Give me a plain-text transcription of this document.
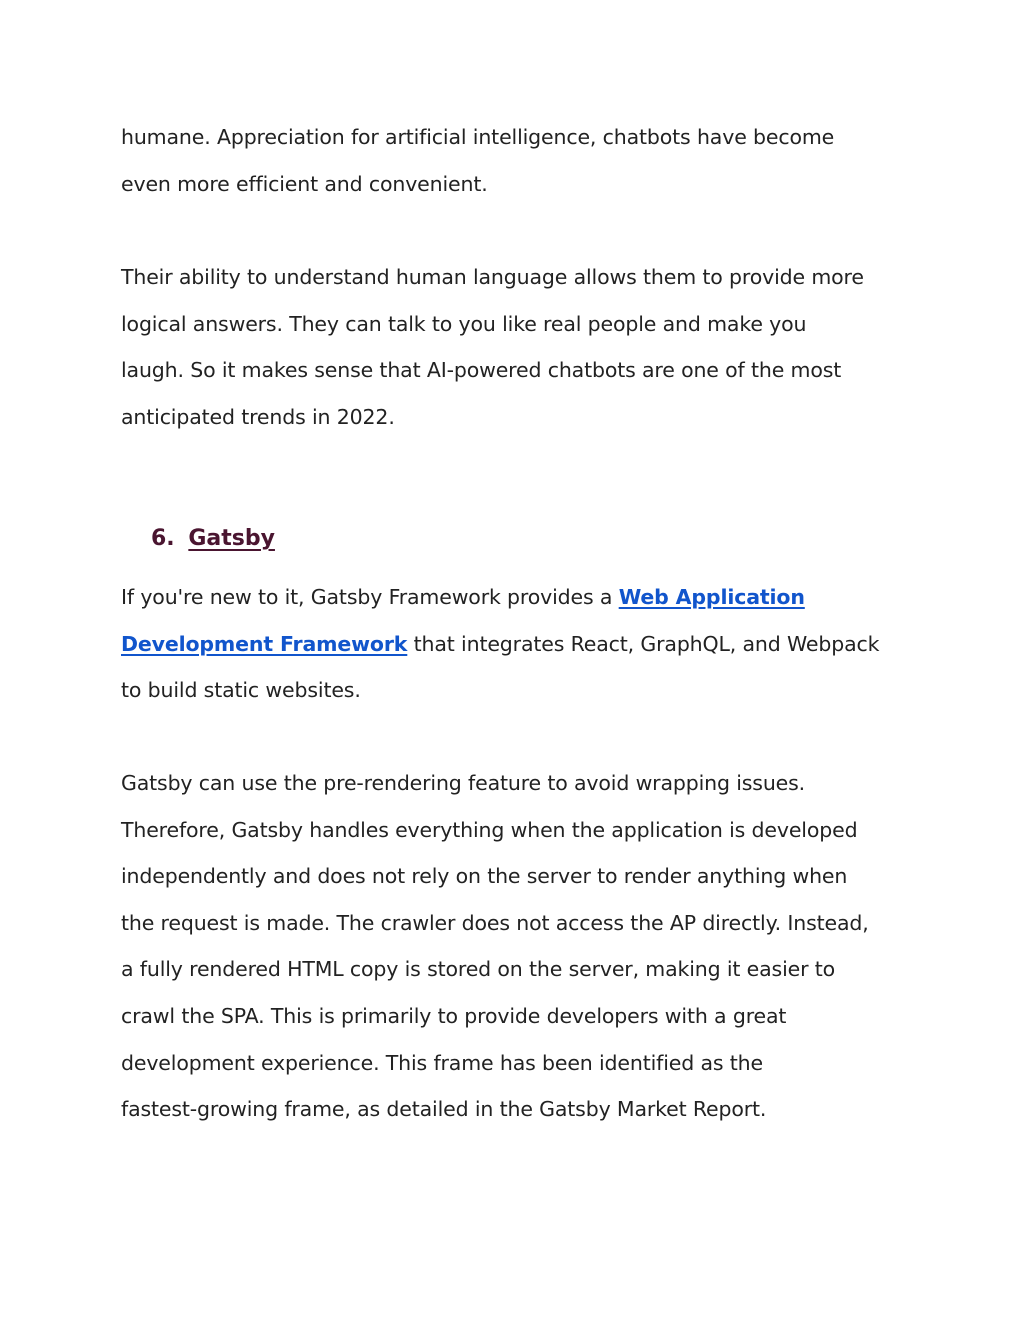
humane. Appreciation for artificial intelligence, chatbots have become
even more efficient and convenient.
Their ability to understand human language allows them to provide more
logical answers. They can talk to you like real people and make you
laugh. So it makes sense that AI-powered chatbots are one of the most
anticipated trends in 2022.
6. Gatsby
If you're new to it, Gatsby Framework provides a Web Application
Development Framework that integrates React, GraphQL, and Webpack
to build static websites.
Gatsby can use the pre-rendering feature to avoid wrapping issues.
Therefore, Gatsby handles everything when the application is developed
independently and does not rely on the server to render anything when
the request is made. The crawler does not access the AP directly. Instead,
a fully rendered HTML copy is stored on the server, making it easier to
crawl the SPA. This is primarily to provide developers with a great
development experience. This frame has been identified as the
fastest-growing frame, as detailed in the Gatsby Market Report.
